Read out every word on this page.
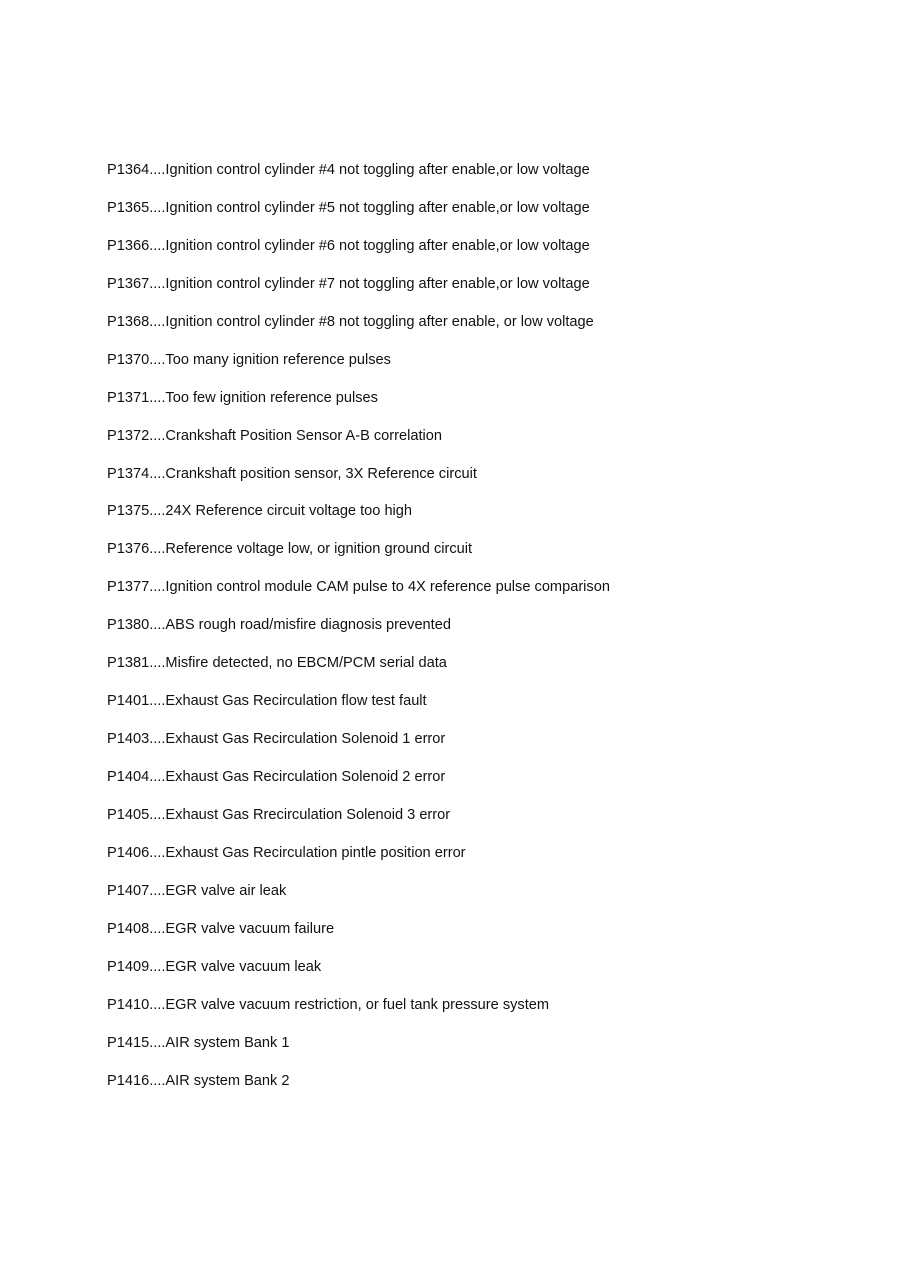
P1364....Ignition control cylinder #4 not toggling after enable,or low voltage
P1365....Ignition control cylinder #5 not toggling after enable,or low voltage
P1366....Ignition control cylinder #6 not toggling after enable,or low voltage
P1367....Ignition control cylinder #7 not toggling after enable,or low voltage
P1368....Ignition control cylinder #8 not toggling after enable, or low voltage
P1370....Too many ignition reference pulses
P1371....Too few ignition reference pulses
P1372....Crankshaft Position Sensor A-B correlation
P1374....Crankshaft position sensor, 3X Reference circuit
P1375....24X Reference circuit voltage too high
P1376....Reference voltage low, or ignition ground circuit
P1377....Ignition control module CAM pulse to 4X reference pulse comparison
P1380....ABS rough road/misfire diagnosis prevented
P1381....Misfire detected, no EBCM/PCM serial data
P1401....Exhaust Gas Recirculation flow test fault
P1403....Exhaust Gas Recirculation Solenoid 1 error
P1404....Exhaust Gas Recirculation Solenoid 2 error
P1405....Exhaust Gas Rrecirculation Solenoid 3 error
P1406....Exhaust Gas Recirculation pintle position error
P1407....EGR valve air leak
P1408....EGR valve vacuum failure
P1409....EGR valve vacuum leak
P1410....EGR valve vacuum restriction, or fuel tank pressure system
P1415....AIR system Bank 1
P1416....AIR system Bank 2
